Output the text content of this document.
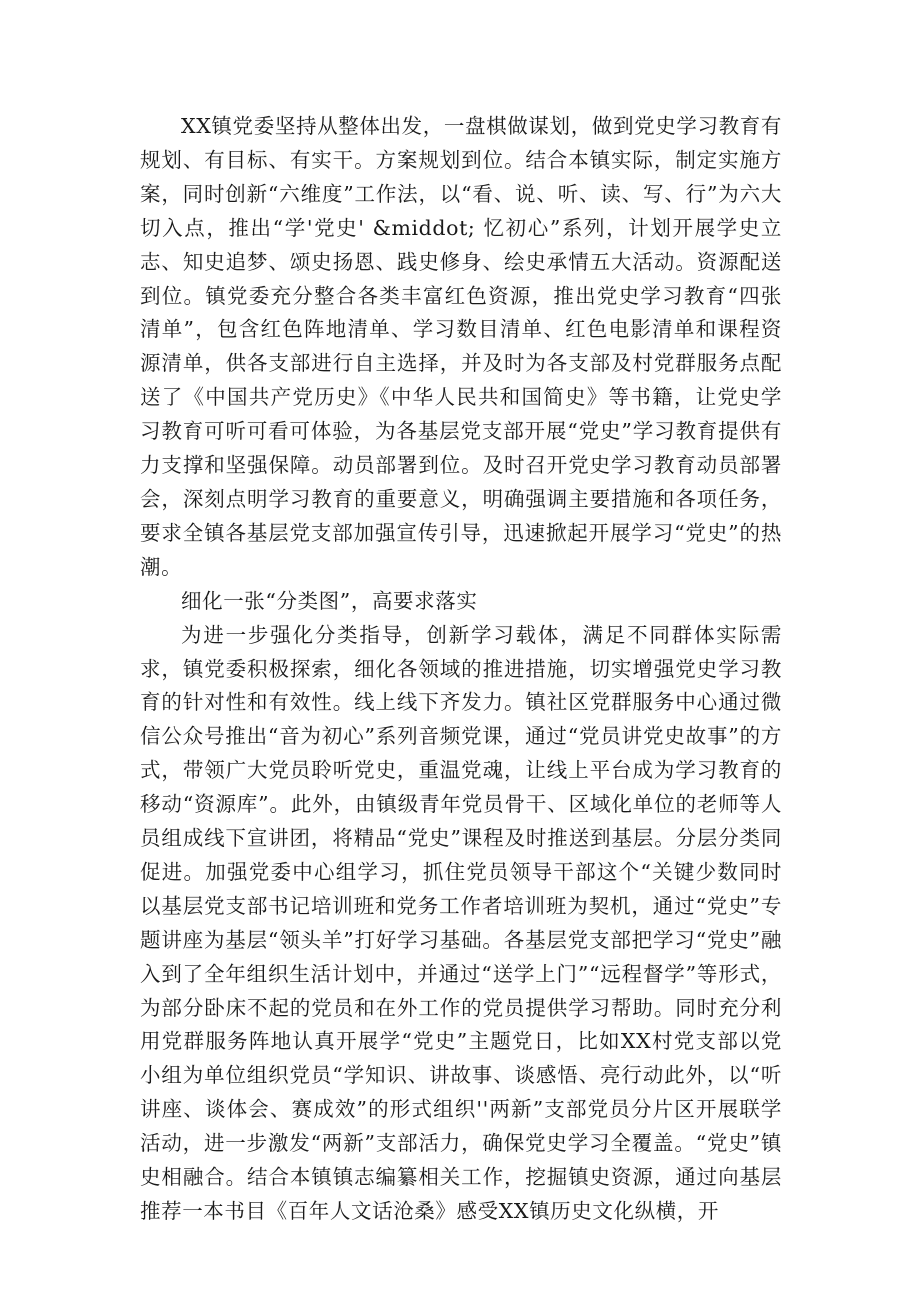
XX镇党委坚持从整体出发，一盘棋做谋划，做到党史学习教育有规划、有目标、有实干。方案规划到位。结合本镇实际，制定实施方案，同时创新“六维度”工作法，以“看、说、听、读、写、行”为六大切入点，推出“学'党史' &middot; 忆初心”系列，计划开展学史立志、知史追梦、颂史扬恩、践史修身、绘史承情五大活动。资源配送到位。镇党委充分整合各类丰富红色资源，推出党史学习教育“四张清单”，包含红色阵地清单、学习数目清单、红色电影清单和课程资源清单，供各支部进行自主选择，并及时为各支部及村党群服务点配送了《中国共产党历史》《中华人民共和国简史》等书籍，让党史学习教育可听可看可体验，为各基层党支部开展“党史”学习教育提供有力支撑和坚强保障。动员部署到位。及时召开党史学习教育动员部署会，深刻点明学习教育的重要意义，明确强调主要措施和各项任务，要求全镇各基层党支部加强宣传引导，迅速掀起开展学习“党史”的热潮。

细化一张“分类图”，高要求落实

为进一步强化分类指导，创新学习载体，满足不同群体实际需求，镇党委积极探索，细化各领域的推进措施，切实增强党史学习教育的针对性和有效性。线上线下齐发力。镇社区党群服务中心通过微信公众号推出“音为初心”系列音频党课，通过“党员讲党史故事”的方式，带领广大党员聆听党史，重温党魂，让线上平台成为学习教育的移动“资源库”。此外，由镇级青年党员骨干、区域化单位的老师等人员组成线下宣讲团，将精品“党史”课程及时推送到基层。分层分类同促进。加强党委中心组学习，抓住党员领导干部这个“关键少数同时以基层党支部书记培训班和党务工作者培训班为契机，通过“党史”专题讲座为基层“领头羊”打好学习基础。各基层党支部把学习“党史”融入到了全年组织生活计划中，并通过“送学上门”“远程督学”等形式，为部分卧床不起的党员和在外工作的党员提供学习帮助。同时充分利用党群服务阵地认真开展学“党史”主题党日，比如XX村党支部以党小组为单位组织党员“学知识、讲故事、谈感悟、亮行动此外，以“听讲座、谈体会、赛成效”的形式组织''两新”支部党员分片区开展联学活动，进一步激发“两新”支部活力，确保党史学习全覆盖。“党史”镇史相融合。结合本镇镇志编纂相关工作，挖掘镇史资源，通过向基层推荐一本书目《百年人文话沧桑》感受XX镇历史文化纵横，开
